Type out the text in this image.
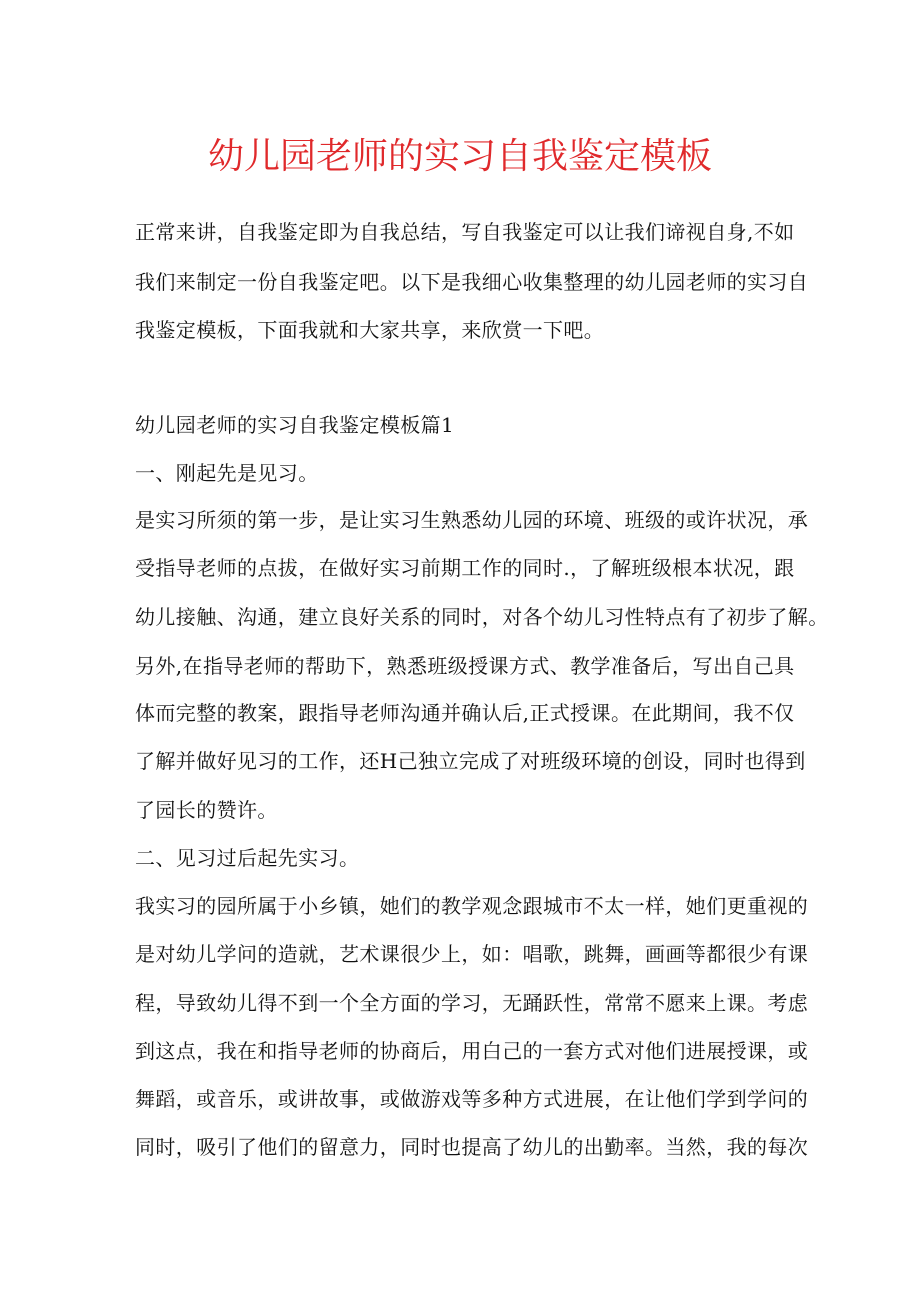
幼儿园老师的实习自我鉴定模板
正常来讲，自我鉴定即为自我总结，写自我鉴定可以让我们谛视自身,不如
我们来制定一份自我鉴定吧。以下是我细心收集整理的幼儿园老师的实习自
我鉴定模板，下面我就和大家共享，来欣赏一下吧。
幼儿园老师的实习自我鉴定模板篇1
一、刚起先是见习。
是实习所须的第一步，是让实习生熟悉幼儿园的环境、班级的或许状况，承
受指导老师的点拔，在做好实习前期工作的同时.，了解班级根本状况，跟
幼儿接触、沟通，建立良好关系的同时，对各个幼儿习性特点有了初步了解。
另外,在指导老师的帮助下，熟悉班级授课方式、教学准备后，写出自己具
体而完整的教案，跟指导老师沟通并确认后,正式授课。在此期间，我不仅
了解并做好见习的工作，还H己独立完成了对班级环境的创设，同时也得到
了园长的赞许。
二、见习过后起先实习。
我实习的园所属于小乡镇，她们的教学观念跟城市不太一样，她们更重视的
是对幼儿学问的造就，艺术课很少上，如：唱歌，跳舞，画画等都很少有课
程，导致幼儿得不到一个全方面的学习，无踊跃性，常常不愿来上课。考虑
到这点，我在和指导老师的协商后，用白己的一套方式对他们进展授课，或
舞蹈，或音乐，或讲故事，或做游戏等多种方式进展，在让他们学到学问的
同时，吸引了他们的留意力，同时也提高了幼儿的出勤率。当然，我的每次
